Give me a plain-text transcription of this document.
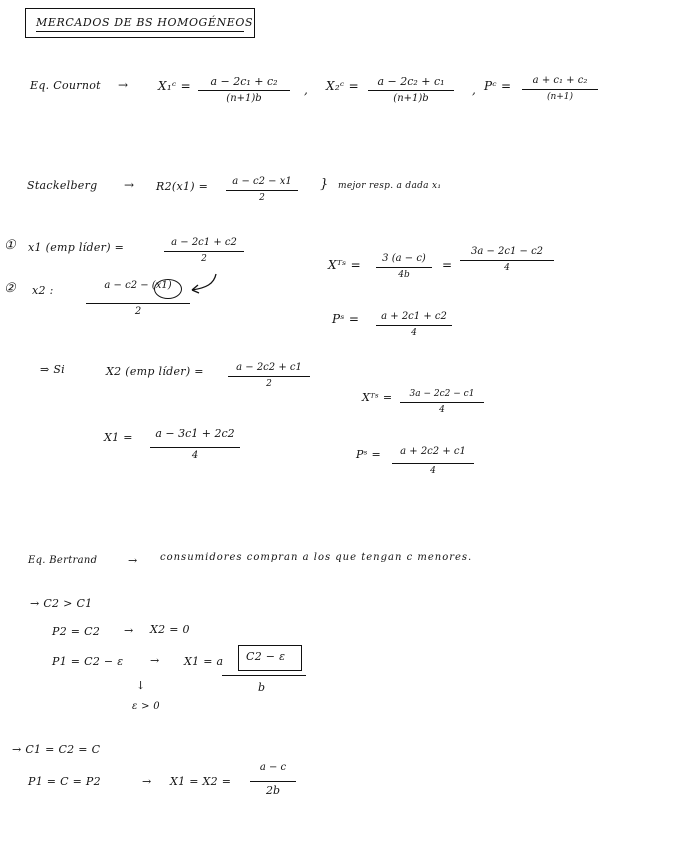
MERCADOS DE BS HOMOGÉNEOS
Eq. Cournot → X₁ᶜ = a − 2c₁ + c₂
(n+1)b
, X₂ᶜ = a − 2c₂ + c₁
(n+1)b
, Pᶜ = a + c₁ + c₂
(n+1)
Stackelberg → R2(x1) = a − c2 − x1
2
} mejor resp. a dada x₁
① x1 (emp líder) =	a − 2c1 + c2
2
② x2 :	a − c2 − (x1)
2
Xᵀˢ = 3 (a − c)
4b
=
3a − 2c1 − c2
4
Pˢ = a + 2c1 + c2
4
⇒ Si	X2 (emp líder) =	a − 2c2 + c1
2
Xᵀˢ = 3a − 2c2 − c1
4
X1 = a − 3c1 + 2c2
4	Pˢ = a + 2c2 + c1
4
Eq. Bertrand	→ consumidores compran a los que tengan c menores.
→ C2 > C1
P2 = C2 → X2 = 0
P1 = C2 − ε → X1 = a C2 − ε
b
↓
ε > 0
→ C1 = C2 = C
P1 = C = P2	→ X1 = X2 =
a − c
2b
